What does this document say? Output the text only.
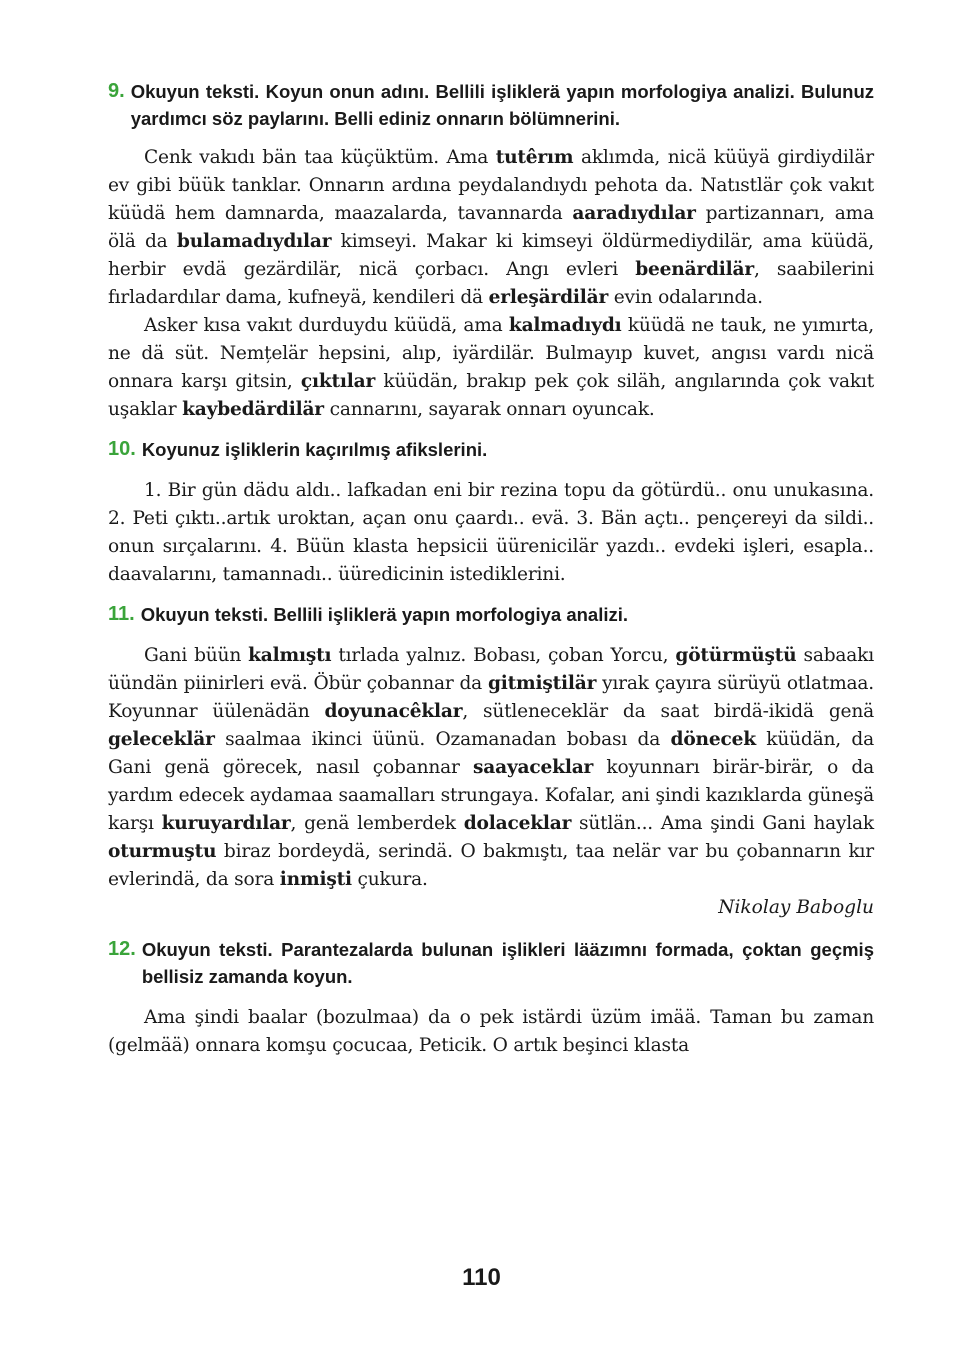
9. Okuyun teksti. Koyun onun adını. Bellili işliklerä yapın morfologiya analizi. Bulunuz yardımcı söz paylarını. Belli ediniz onnarın bölümnerini.

Cenk vakıdı bän taa küçüktüm. Ama tutêrım aklımda, nicä küüyä girdiydilär ev gibi büük tanklar. Onnarın ardına peydalandıydı pehota da. Natıstlär çok vakıt küüdä hem damnarda, maazalarda, tavannarda aaradıydılar partizannarı, ama ölä da bulamadıydılar kimseyi. Makar ki kimseyi öldürmediydilär, ama küüdä, herbir evdä gezärdilär, nicä çorbacı. Angı evleri beenärdilär, saabilerini fırladardılar dama, kufneyä, kendileri dä erleşärdilär evin odalarında.

Asker kısa vakıt durduydu küüdä, ama kalmadıydı küüdä ne tauk, ne yımırta, ne dä süt. Nemțelär hepsini, alıp, iyärdilär. Bulmayıp kuvet, angısı vardı nicä onnara karşı gitsin, çıktılar küüdän, brakıp pek çok siläh, angılarında çok vakıt uşaklar kaybedärdilär cannarını, sayarak onnarı oyuncak.

10. Koyunuz işliklerin kaçırılmış afikslerini.

1. Bir gün dädu aldı.. lafkadan eni bir rezina topu da götürdü.. onu unukasına. 2. Peti çıktı..artık uroktan, açan onu çaardı.. evä. 3. Bän açtı.. pençereyi da sildi.. onun sırçalarını. 4. Büün klasta hepsicii üürenicilär yazdı.. evdeki işleri, esapla.. daavalarını, tamannadı.. üüredicinin istediklerini.

11. Okuyun teksti. Bellili işliklerä yapın morfologiya analizi.

Gani büün kalmıştı tırlada yalnız. Bobası, çoban Yorcu, götürmüştü sabaakı üündän piinirleri evä. Öbür çobannar da gitmiştilär yırak çayıra sürüyü otlatmaa. Koyunnar üülenädän doyunacêklar, sütleneceklär da saat birdä-ikidä genä gelecekl​är saalmaa ikinci üünü. Ozamanadan bobası da dönecek küüdän, da Gani genä görecek, nasıl çobannar saayaceklar koyunnarı birär-birär, o da yardım edecek aydamaa saamalları strungaya. Kofalar, ani şindi kazıklarda güneşä karşı kuruyardılar, genä lemberdek dolaceklar sütlän... Ama şindi Gani haylak oturmuştu biraz bordeydä, serindä. O bakmıştı, taa nelär var bu çobannarın kır evlerindä, da sora inmişti çukura.

Nikolay Baboglu

12. Okuyun teksti. Parantezalarda bulunan işlikleri lääzımnı formada, çoktan geçmiş bellisiz zamanda koyun.

Ama şindi baalar (bozulmaa) da o pek istärdi üzüm imää. Taman bu zaman (gelmää) onnara komşu çocucaa, Peticik. O artık beşinci klasta

110
